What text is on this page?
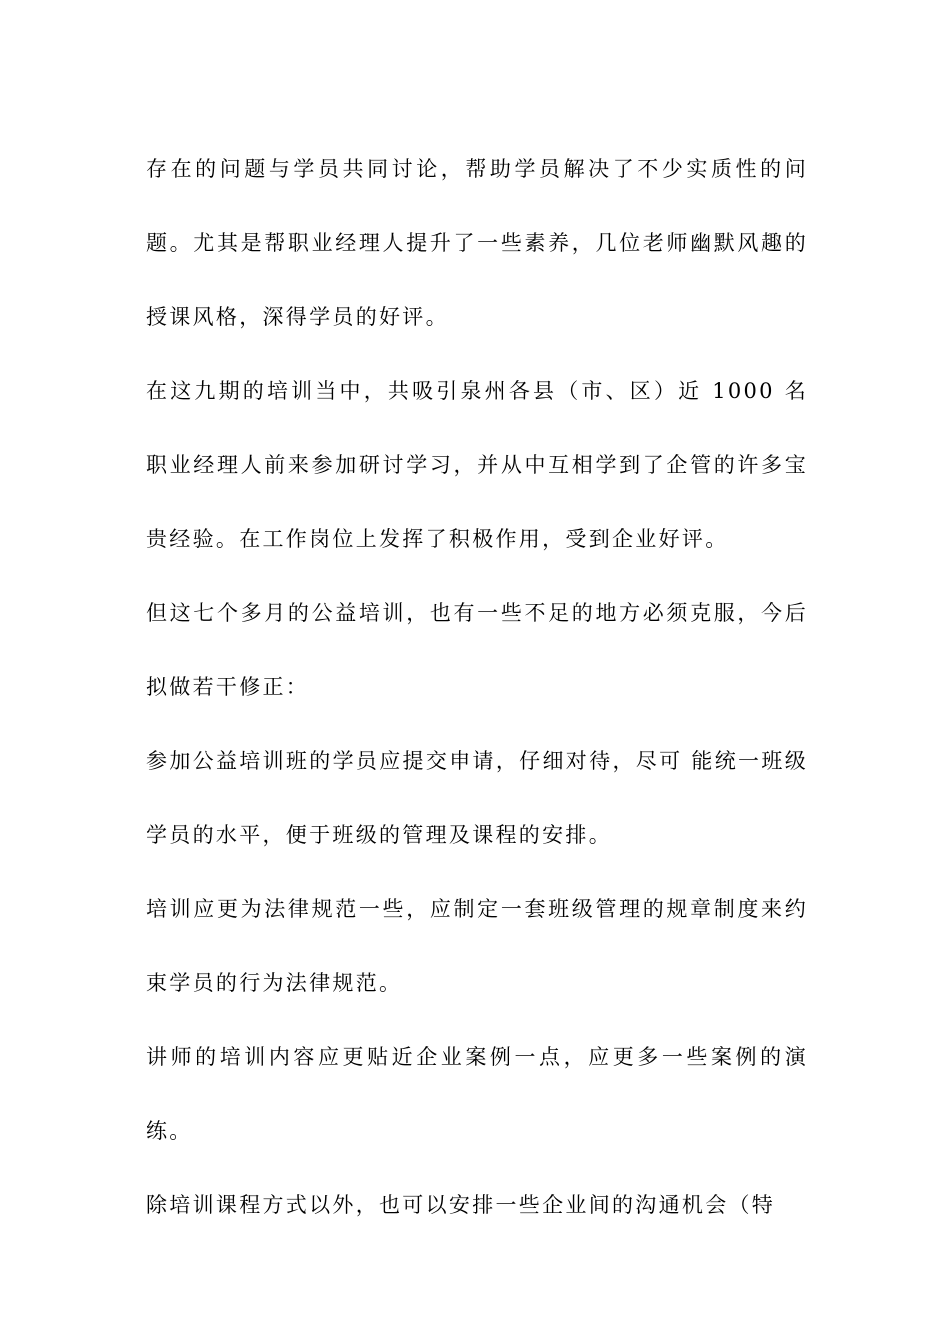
存在的问题与学员共同讨论，帮助学员解决了不少实质性的问题。尤其是帮职业经理人提升了一些素养，几位老师幽默风趣的授课风格，深得学员的好评。

在这九期的培训当中，共吸引泉州各县（市、区）近 1000 名职业经理人前来参加研讨学习，并从中互相学到了企管的许多宝贵经验。在工作岗位上发挥了积极作用，受到企业好评。

但这七个多月的公益培训，也有一些不足的地方必须克服，今后拟做若干修正：

参加公益培训班的学员应提交申请，仔细对待，尽可 能统一班级学员的水平，便于班级的管理及课程的安排。

培训应更为法律规范一些，应制定一套班级管理的规章制度来约束学员的行为法律规范。

讲师的培训内容应更贴近企业案例一点，应更多一些案例的演练。

除培训课程方式以外，也可以安排一些企业间的沟通机会（特
